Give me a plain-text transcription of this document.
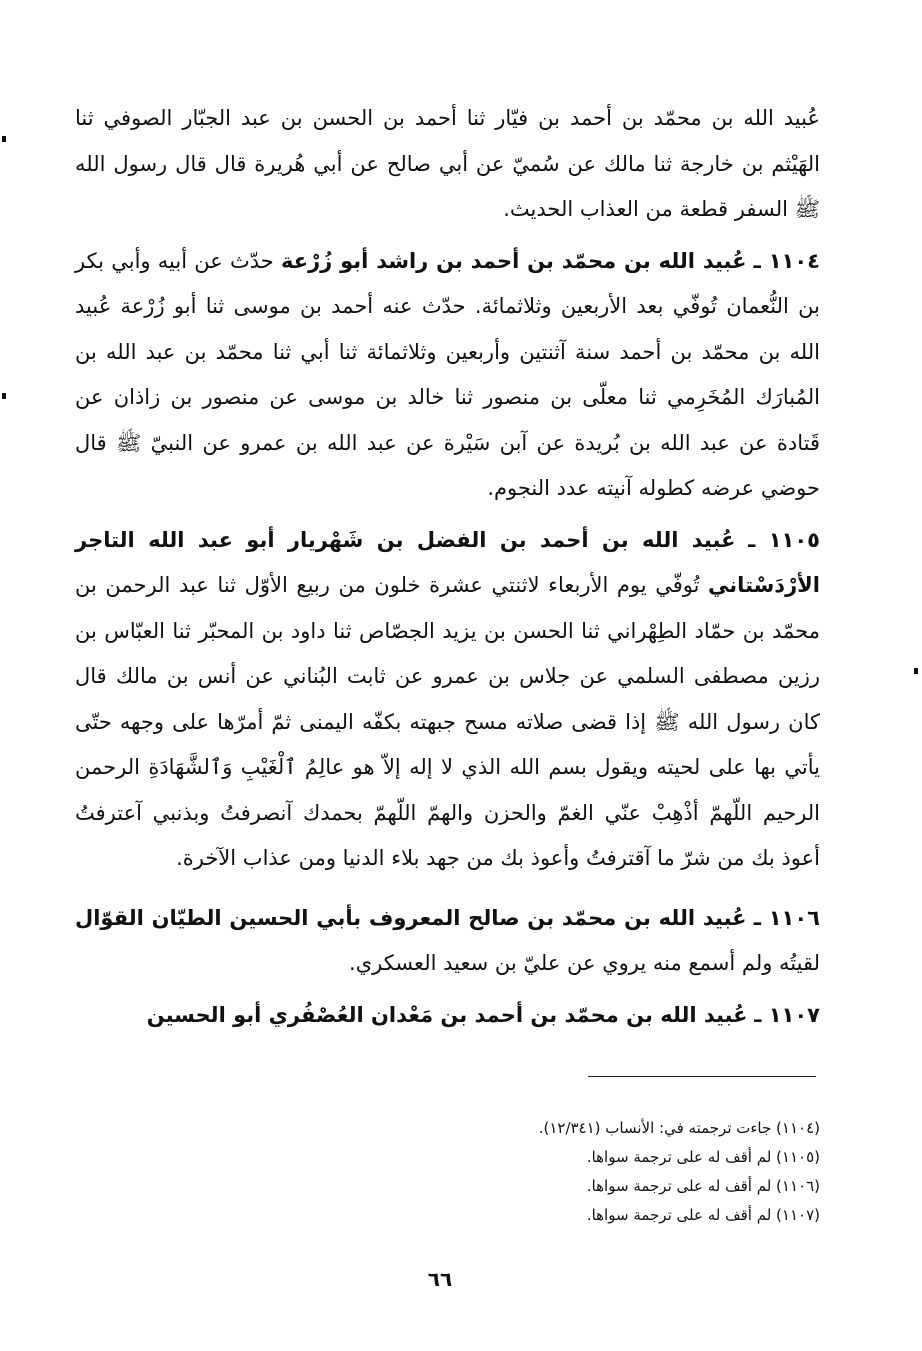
عُبيد الله بن محمّد بن أحمد بن فيّار ثنا أحمد بن الحسن بن عبد الجبّار الصوفي ثنا الهَيْثم بن خارجة ثنا مالك عن سُميّ عن أبي صالح عن أبي هُريرة قال قال رسول الله ﷺ السفر قطعة من العذاب الحديث.

١١٠٤ ـ عُبيد الله بن محمّد بن أحمد بن راشد أبو زُرْعة حدّث عن أبيه وأبي بكر بن النُّعمان تُوفّي بعد الأربعين وثلاثمائة. حدّث عنه أحمد بن موسى ثنا أبو زُرْعة عُبيد الله بن محمّد بن أحمد سنة آثنتين وأربعين وثلاثمائة ثنا أبي ثنا محمّد بن عبد الله بن المُبارَك المُخَرِمي ثنا معلّى بن منصور ثنا خالد بن موسى عن منصور بن زاذان عن قَتادة عن عبد الله بن بُريدة عن آبن سَيْرة عن عبد الله بن عمرو عن النبيّ ﷺ قال حوضي عرضه كطوله آنيته عدد النجوم.

١١٠٥ ـ عُبيد الله بن أحمد بن الفضل بن شَهْريار أبو عبد الله التاجر الأرْدَسْتاني تُوفّي يوم الأربعاء لاثنتي عشرة خلون من ربيع الأوّل ثنا عبد الرحمن بن محمّد بن حمّاد الطِهْراني ثنا الحسن بن يزيد الجصّاص ثنا داود بن المحبّر ثنا العبّاس بن رزين مصطفى السلمي عن جلاس بن عمرو عن ثابت البُناني عن أنس بن مالك قال كان رسول الله ﷺ إذا قضى صلاته مسح جبهته بكفّه اليمنى ثمّ أمرّها على وجهه حتّى يأتي بها على لحيته ويقول بسم الله الذي لا إله إلاّ هو عالِمُ ٱلْغَيْبِ وَٱلشَّهَادَةِ الرحمن الرحيم اللّهمّ أذْهِبْ عنّي الغمّ والحزن والهمّ اللّهمّ بحمدك آنصرفتُ وبذنبي آعترفتُ أعوذ بك من شرّ ما آقترفتُ وأعوذ بك من جهد بلاء الدنيا ومن عذاب الآخرة.

١١٠٦ ـ عُبيد الله بن محمّد بن صالح المعروف بأبي الحسين الطيّان القوّال لقيتُه ولم أسمع منه يروي عن عليّ بن سعيد العسكري.

١١٠٧ ـ عُبيد الله بن محمّد بن أحمد بن مَعْدان العُصْفُري أبو الحسين

(١١٠٤) جاءت ترجمته في: الأنساب (١٢/٣٤١).
(١١٠٥) لم أقف له على ترجمة سواها.
(١١٠٦) لم أقف له على ترجمة سواها.
(١١٠٧) لم أقف له على ترجمة سواها.
٦٦
